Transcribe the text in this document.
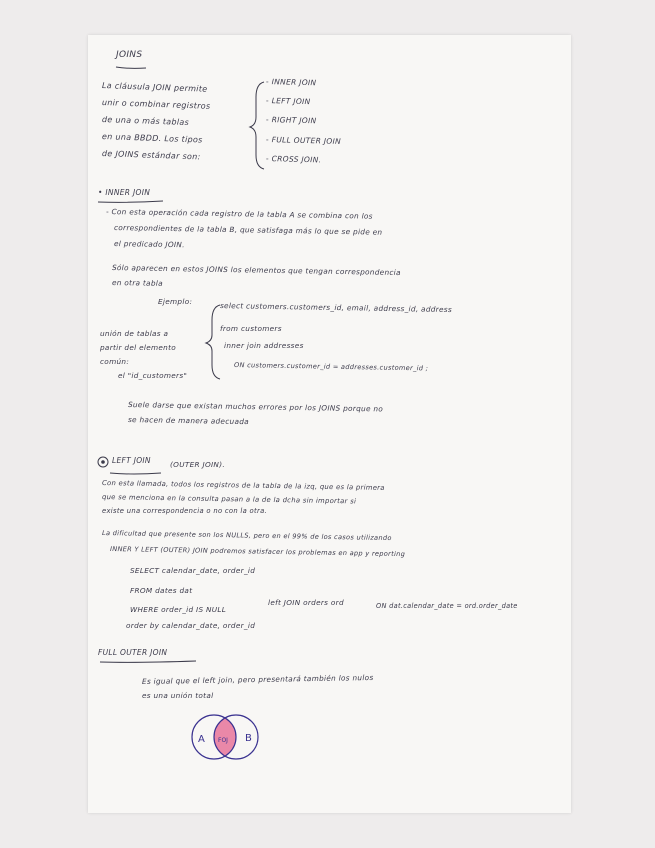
JOINS
La cláusula JOIN permite
unir o combinar registros
de una o más tablas
en una BBDD. Los tipos
de JOINS estándar son:
- INNER JOIN
- LEFT JOIN
- RIGHT JOIN
- FULL OUTER JOIN
- CROSS JOIN.
• INNER JOIN
- Con esta operación cada registro de la tabla A se combina con los
correspondientes de la tabla B, que satisfaga más lo que se pide en
el predicado JOIN.
Sólo aparecen en estos JOINS los elementos que tengan correspondencia
en otra tabla
Ejemplo:	select customers.customers_id, email, address_id, address
from customers
inner join addresses
ON customers.customer_id = addresses.customer_id ;
unión de tablas a
partir del elemento
común:
el "id_customers"
Suele darse que existan muchos errores por los JOINS porque no
se hacen de manera adecuada
LEFT JOIN	(OUTER JOIN).
Con esta llamada, todos los registros de la tabla de la izq, que es la primera
que se menciona en la consulta pasan a la de la dcha sin importar si
existe una correspondencia o no con la otra.
La dificultad que presente son los NULLS, pero en el 99% de los casos utilizando
INNER Y LEFT (OUTER) JOIN podremos satisfacer los problemas en app y reporting
SELECT calendar_date, order_id
FROM dates dat
left JOIN orders ord	ON dat.calendar_date = ord.order_date
WHERE order_id IS NULL
order by calendar_date, order_id
FULL OUTER JOIN
Es igual que el left join, pero presentará también los nulos
es una unión total
A	B
FOJ
